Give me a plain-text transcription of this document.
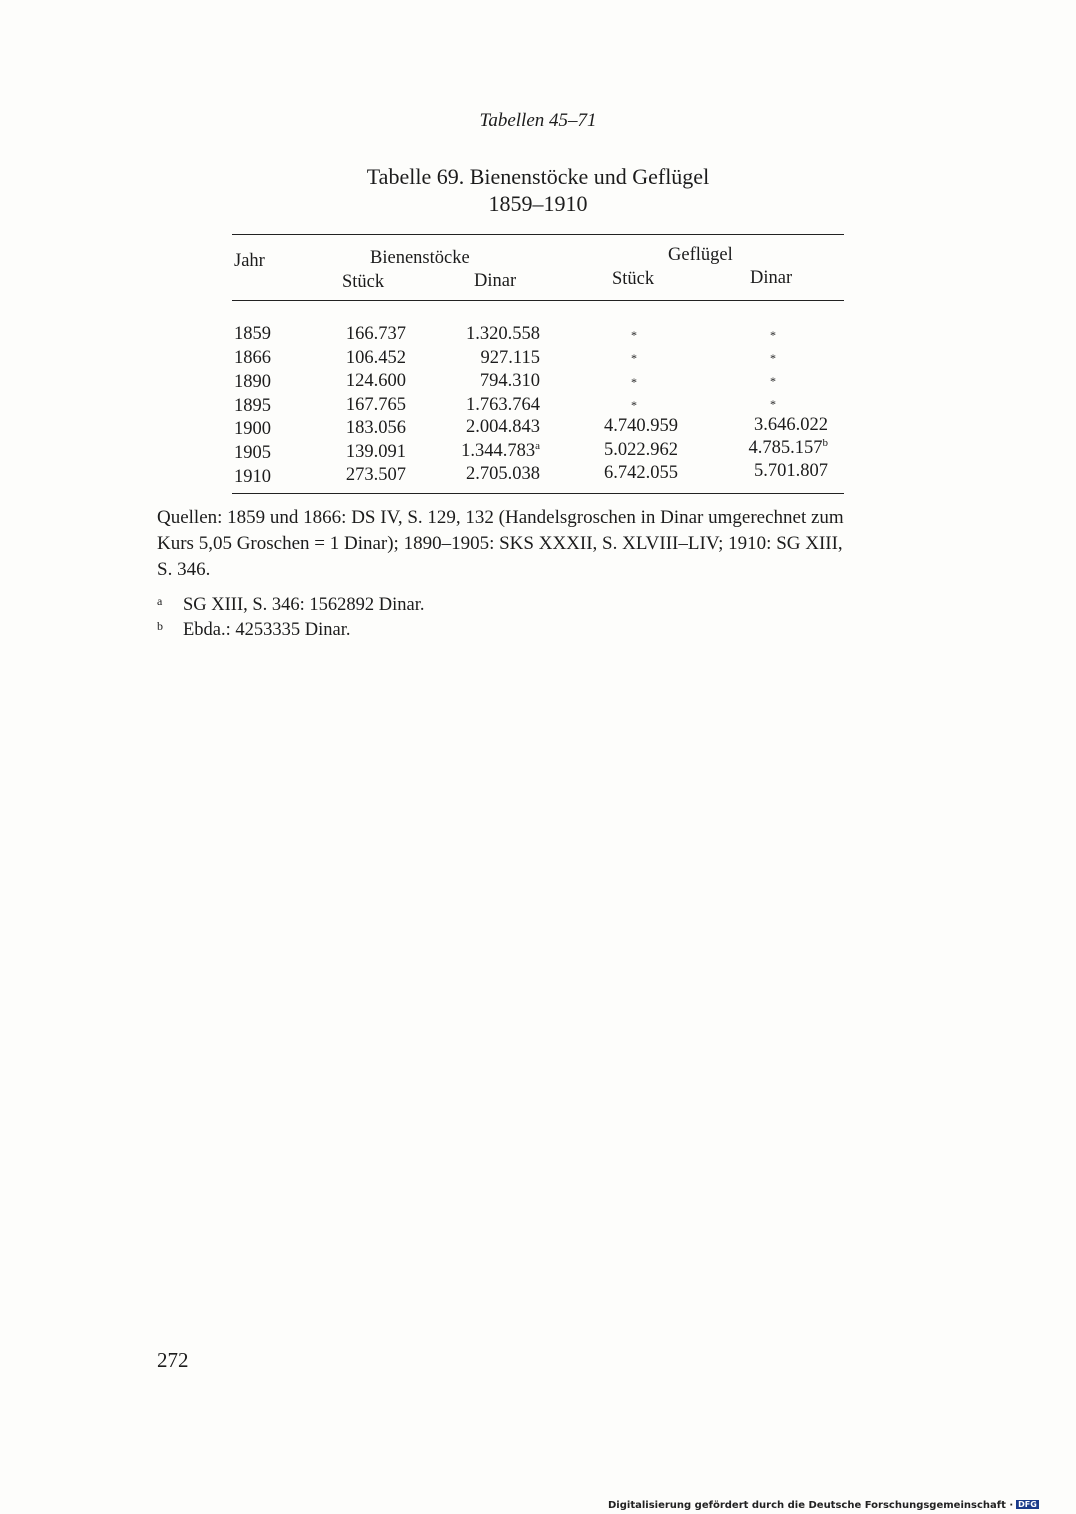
Tabellen 45–71
Tabelle 69. Bienenstöcke und Geflügel
1859–1910
Jahr	Bienenstöcke	Geflügel
Stück	Dinar	Stück	Dinar
1859	166.737	1.320.558	*	*
1866	106.452	927.115	*	*
1890	124.600	794.310	*	*
1895	167.765	1.763.764	*	*
1900	183.056	2.004.843	4.740.959	3.646.022
1905	139.091	1.344.783$^a$	5.022.962	4.785.157$^b$
1910	273.507	2.705.038	6.742.055	5.701.807
Quellen: 1859 und 1866: DS IV, S. 129, 132 (Handelsgroschen in Dinar umgerechnet zum
Kurs 5,05 Groschen = 1 Dinar); 1890–1905: SKS XXXII, S. XLVIII–LIV; 1910: SG XIII,
S. 346.
a SG XIII, S. 346: 1562892 Dinar.
b Ebda.: 4253335 Dinar.
272
Digitalisierung gefördert durch die Deutsche Forschungsgemeinschaft · DFG
